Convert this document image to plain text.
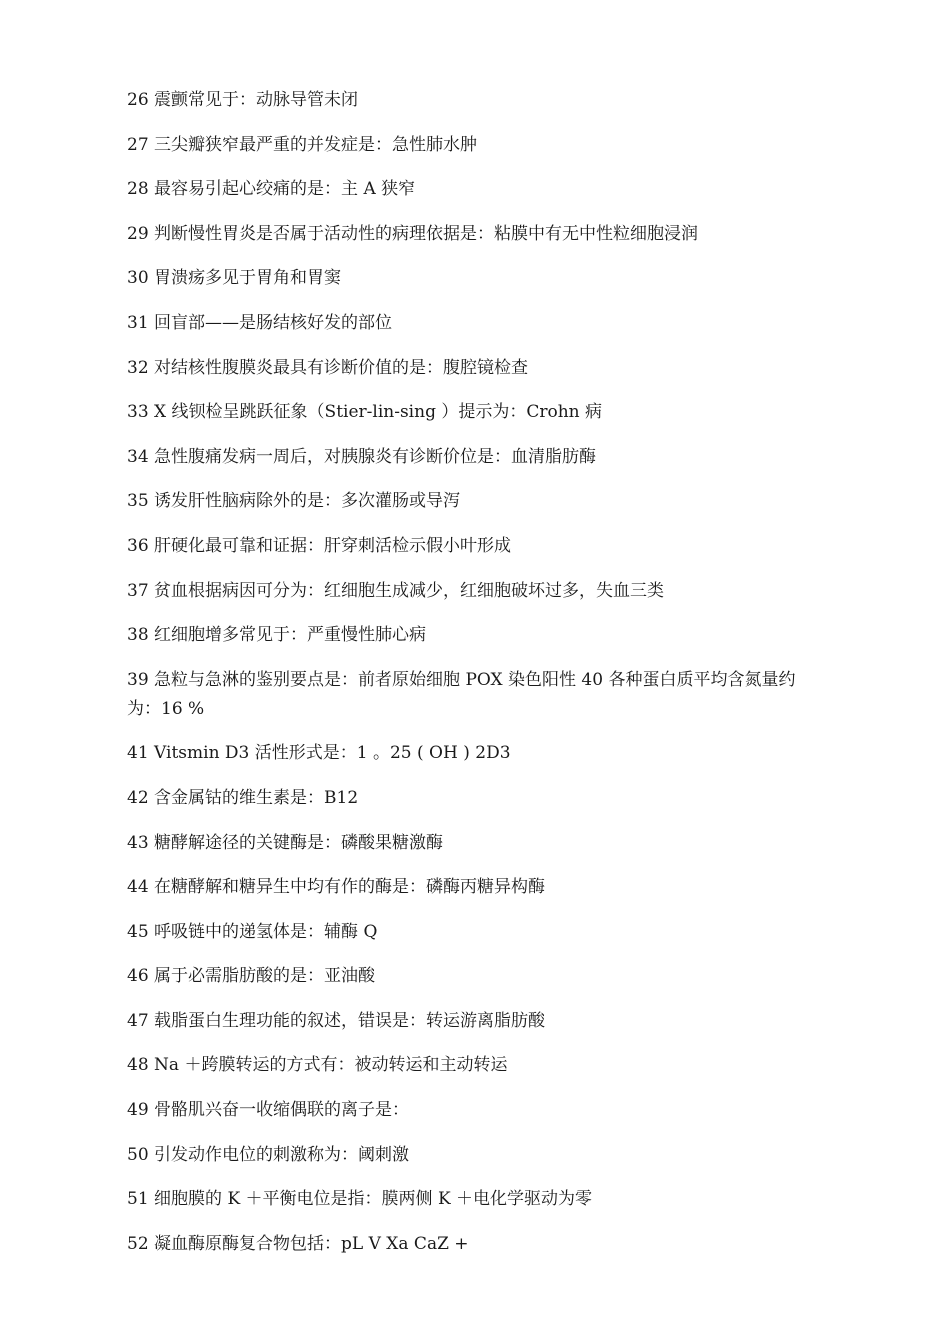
26 震颤常见于：动脉导管未闭

27 三尖瓣狭窄最严重的并发症是：急性肺水肿

28 最容易引起心绞痛的是：主 A 狭窄

29 判断慢性胃炎是否属于活动性的病理依据是：粘膜中有无中性粒细胞浸润

30 胃溃疡多见于胃角和胃窦

31 回盲部——是肠结核好发的部位

32 对结核性腹膜炎最具有诊断价值的是：腹腔镜检查

33 X 线钡检呈跳跃征象（Stier-lin-sing ）提示为：Crohn 病

34 急性腹痛发病一周后，对胰腺炎有诊断价位是：血清脂肪酶

35 诱发肝性脑病除外的是：多次灌肠或导泻

36 肝硬化最可靠和证据：肝穿刺活检示假小叶形成

37 贫血根据病因可分为：红细胞生成减少，红细胞破坏过多，失血三类

38 红细胞增多常见于：严重慢性肺心病

39 急粒与急淋的鉴别要点是：前者原始细胞 POX 染色阳性 40 各种蛋白质平均含氮量约为：16 %

41 Vitsmin D3 活性形式是：1 。25 ( OH ) 2D3

42 含金属钴的维生素是：B12

43 糖酵解途径的关键酶是：磷酸果糖激酶

44 在糖酵解和糖异生中均有作的酶是：磷酶丙糖异构酶

45 呼吸链中的递氢体是：辅酶 Q

46 属于必需脂肪酸的是：亚油酸

47 载脂蛋白生理功能的叙述，错误是：转运游离脂肪酸

48 Na ＋跨膜转运的方式有：被动转运和主动转运

49 骨骼肌兴奋一收缩偶联的离子是：

50 引发动作电位的刺激称为：阈刺激

51 细胞膜的 K ＋平衡电位是指：膜两侧 K ＋电化学驱动为零

52 凝血酶原酶复合物包括：pL V Xa CaZ +
